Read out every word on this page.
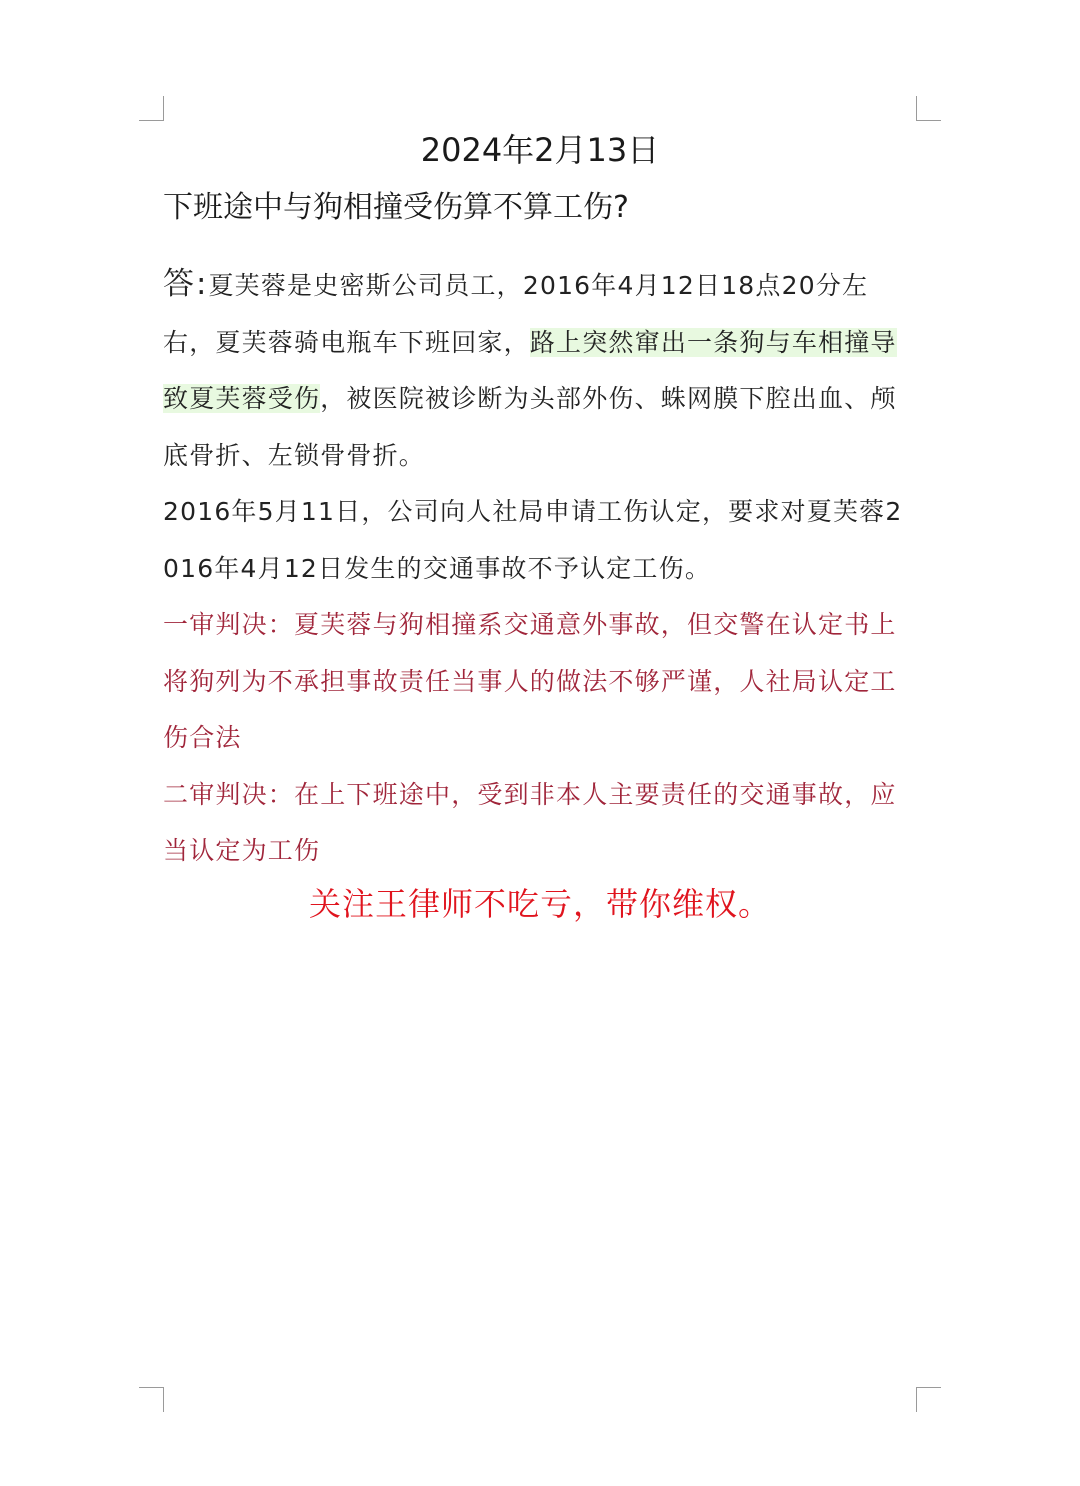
2024年2月13日
下班途中与狗相撞受伤算不算工伤?

答:夏芙蓉是史密斯公司员工，2016年4月12日18点20分左右，夏芙蓉骑电瓶车下班回家，路上突然窜出一条狗与车相撞导致夏芙蓉受伤，被医院被诊断为头部外伤、蛛网膜下腔出血、颅底骨折、左锁骨骨折。

2016年5月11日，公司向人社局申请工伤认定，要求对夏芙蓉2016年4月12日发生的交通事故不予认定工伤。

一审判决：夏芙蓉与狗相撞系交通意外事故，但交警在认定书上将狗列为不承担事故责任当事人的做法不够严谨，人社局认定工伤合法

二审判决：在上下班途中，受到非本人主要责任的交通事故，应当认定为工伤

关注王律师不吃亏，带你维权。
